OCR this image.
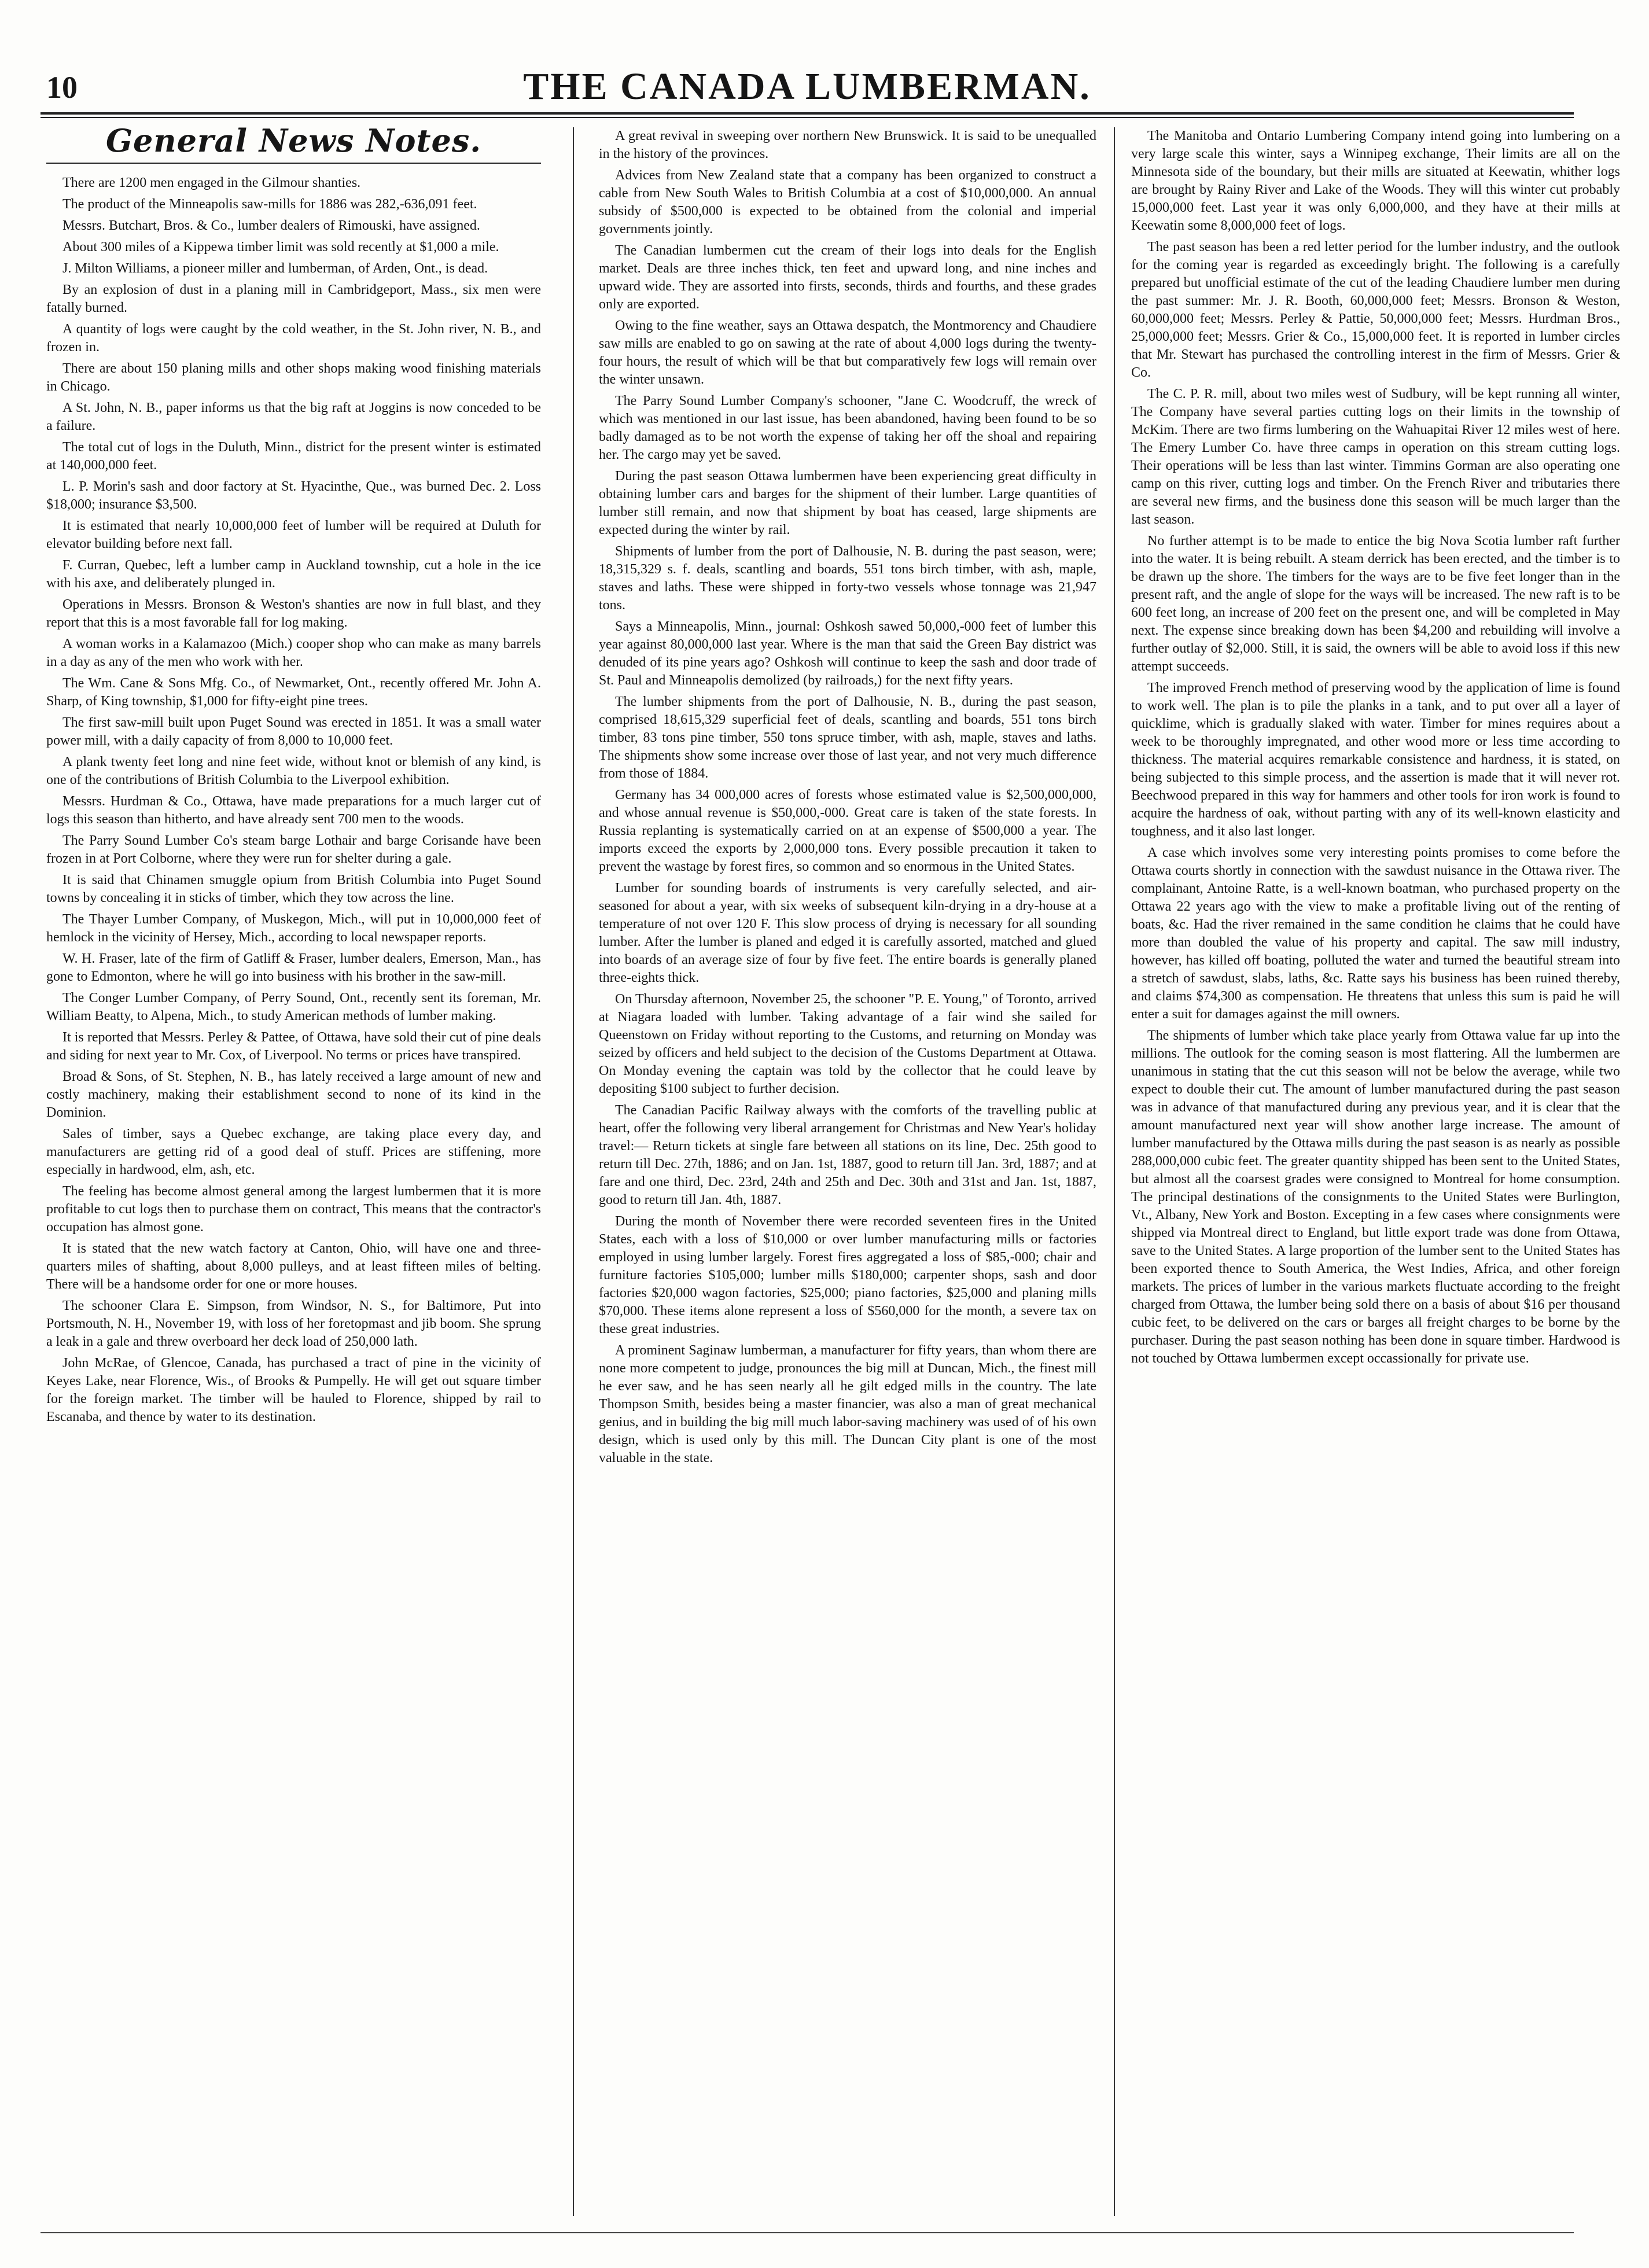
10	THE CANADA LUMBERMAN.
General News Notes.

There are 1200 men engaged in the Gilmour shanties.

The product of the Minneapolis saw-mills for 1886 was 282,-636,091 feet.

Messrs. Butchart, Bros. & Co., lumber dealers of Rimouski, have assigned.

About 300 miles of a Kippewa timber limit was sold recently at $1,000 a mile.

J. Milton Williams, a pioneer miller and lumberman, of Arden, Ont., is dead.

By an explosion of dust in a planing mill in Cambridgeport, Mass., six men were fatally burned.

A quantity of logs were caught by the cold weather, in the St. John river, N. B., and frozen in.

There are about 150 planing mills and other shops making wood finishing materials in Chicago.

A St. John, N. B., paper informs us that the big raft at Joggins is now conceded to be a failure.

The total cut of logs in the Duluth, Minn., district for the present winter is estimated at 140,000,000 feet.

L. P. Morin's sash and door factory at St. Hyacinthe, Que., was burned Dec. 2. Loss $18,000; insurance $3,500.

It is estimated that nearly 10,000,000 feet of lumber will be required at Duluth for elevator building before next fall.

F. Curran, Quebec, left a lumber camp in Auckland township, cut a hole in the ice with his axe, and deliberately plunged in.

Operations in Messrs. Bronson & Weston's shanties are now in full blast, and they report that this is a most favorable fall for log making.

A woman works in a Kalamazoo (Mich.) cooper shop who can make as many barrels in a day as any of the men who work with her.

The Wm. Cane & Sons Mfg. Co., of Newmarket, Ont., recently offered Mr. John A. Sharp, of King township, $1,000 for fifty-eight pine trees.

The first saw-mill built upon Puget Sound was erected in 1851. It was a small water power mill, with a daily capacity of from 8,000 to 10,000 feet.

A plank twenty feet long and nine feet wide, without knot or blemish of any kind, is one of the contributions of British Columbia to the Liverpool exhibition.

Messrs. Hurdman & Co., Ottawa, have made preparations for a much larger cut of logs this season than hitherto, and have already sent 700 men to the woods.

The Parry Sound Lumber Co's steam barge Lothair and barge Corisande have been frozen in at Port Colborne, where they were run for shelter during a gale.

It is said that Chinamen smuggle opium from British Columbia into Puget Sound towns by concealing it in sticks of timber, which they tow across the line.

The Thayer Lumber Company, of Muskegon, Mich., will put in 10,000,000 feet of hemlock in the vicinity of Hersey, Mich., according to local newspaper reports.

W. H. Fraser, late of the firm of Gatliff & Fraser, lumber dealers, Emerson, Man., has gone to Edmonton, where he will go into business with his brother in the saw-mill.

The Conger Lumber Company, of Perry Sound, Ont., recently sent its foreman, Mr. William Beatty, to Alpena, Mich., to study American methods of lumber making.

It is reported that Messrs. Perley & Pattee, of Ottawa, have sold their cut of pine deals and siding for next year to Mr. Cox, of Liverpool. No terms or prices have transpired.

Broad & Sons, of St. Stephen, N. B., has lately received a large amount of new and costly machinery, making their establishment second to none of its kind in the Dominion.

Sales of timber, says a Quebec exchange, are taking place every day, and manufacturers are getting rid of a good deal of stuff. Prices are stiffening, more especially in hardwood, elm, ash, etc.

The feeling has become almost general among the largest lumbermen that it is more profitable to cut logs then to purchase them on contract, This means that the contractor's occupation has almost gone.

It is stated that the new watch factory at Canton, Ohio, will have one and three-quarters miles of shafting, about 8,000 pulleys, and at least fifteen miles of belting. There will be a handsome order for one or more houses.

The schooner Clara E. Simpson, from Windsor, N. S., for Baltimore, Put into Portsmouth, N. H., November 19, with loss of her foretopmast and jib boom. She sprung a leak in a gale and threw overboard her deck load of 250,000 lath.

John McRae, of Glencoe, Canada, has purchased a tract of pine in the vicinity of Keyes Lake, near Florence, Wis., of Brooks & Pumpelly. He will get out square timber for the foreign market. The timber will be hauled to Florence, shipped by rail to Escanaba, and thence by water to its destination.

A great revival in sweeping over northern New Brunswick. It is said to be unequalled in the history of the provinces.

Advices from New Zealand state that a company has been organized to construct a cable from New South Wales to British Columbia at a cost of $10,000,000. An annual subsidy of $500,000 is expected to be obtained from the colonial and imperial governments jointly.

The Canadian lumbermen cut the cream of their logs into deals for the English market. Deals are three inches thick, ten feet and upward long, and nine inches and upward wide. They are assorted into firsts, seconds, thirds and fourths, and these grades only are exported.

Owing to the fine weather, says an Ottawa despatch, the Montmorency and Chaudiere saw mills are enabled to go on sawing at the rate of about 4,000 logs during the twenty-four hours, the result of which will be that but comparatively few logs will remain over the winter unsawn.

The Parry Sound Lumber Company's schooner, "Jane C. Woodcruff, the wreck of which was mentioned in our last issue, has been abandoned, having been found to be so badly damaged as to be not worth the expense of taking her off the shoal and repairing her. The cargo may yet be saved.

During the past season Ottawa lumbermen have been experiencing great difficulty in obtaining lumber cars and barges for the shipment of their lumber. Large quantities of lumber still remain, and now that shipment by boat has ceased, large shipments are expected during the winter by rail.

Shipments of lumber from the port of Dalhousie, N. B. during the past season, were; 18,315,329 s. f. deals, scantling and boards, 551 tons birch timber, with ash, maple, staves and laths. These were shipped in forty-two vessels whose tonnage was 21,947 tons.

Says a Minneapolis, Minn., journal: Oshkosh sawed 50,000,-000 feet of lumber this year against 80,000,000 last year. Where is the man that said the Green Bay district was denuded of its pine years ago? Oshkosh will continue to keep the sash and door trade of St. Paul and Minneapolis demolized (by railroads,) for the next fifty years.

The lumber shipments from the port of Dalhousie, N. B., during the past season, comprised 18,615,329 superficial feet of deals, scantling and boards, 551 tons birch timber, 83 tons pine timber, 550 tons spruce timber, with ash, maple, staves and laths. The shipments show some increase over those of last year, and not very much difference from those of 1884.

Germany has 34 000,000 acres of forests whose estimated value is $2,500,000,000, and whose annual revenue is $50,000,-000. Great care is taken of the state forests. In Russia replanting is systematically carried on at an expense of $500,000 a year. The imports exceed the exports by 2,000,000 tons. Every possible precaution it taken to prevent the wastage by forest fires, so common and so enormous in the United States.

Lumber for sounding boards of instruments is very carefully selected, and air-seasoned for about a year, with six weeks of subsequent kiln-drying in a dry-house at a temperature of not over 120 F. This slow process of drying is necessary for all sounding lumber. After the lumber is planed and edged it is carefully assorted, matched and glued into boards of an average size of four by five feet. The entire boards is generally planed three-eights thick.

On Thursday afternoon, November 25, the schooner "P. E. Young," of Toronto, arrived at Niagara loaded with lumber. Taking advantage of a fair wind she sailed for Queenstown on Friday without reporting to the Customs, and returning on Monday was seized by officers and held subject to the decision of the Customs Department at Ottawa. On Monday evening the captain was told by the collector that he could leave by depositing $100 subject to further decision.

The Canadian Pacific Railway always with the comforts of the travelling public at heart, offer the following very liberal arrangement for Christmas and New Year's holiday travel:— Return tickets at single fare between all stations on its line, Dec. 25th good to return till Dec. 27th, 1886; and on Jan. 1st, 1887, good to return till Jan. 3rd, 1887; and at fare and one third, Dec. 23rd, 24th and 25th and Dec. 30th and 31st and Jan. 1st, 1887, good to return till Jan. 4th, 1887.

During the month of November there were recorded seventeen fires in the United States, each with a loss of $10,000 or over lumber manufacturing mills or factories employed in using lumber largely. Forest fires aggregated a loss of $85,-000; chair and furniture factories $105,000; lumber mills $180,000; carpenter shops, sash and door factories $20,000 wagon factories, $25,000; piano factories, $25,000 and planing mills $70,000. These items alone represent a loss of $560,000 for the month, a severe tax on these great industries.

A prominent Saginaw lumberman, a manufacturer for fifty years, than whom there are none more competent to judge, pronounces the big mill at Duncan, Mich., the finest mill he ever saw, and he has seen nearly all he gilt edged mills in the country. The late Thompson Smith, besides being a master financier, was also a man of great mechanical genius, and in building the big mill much labor-saving machinery was used of of his own design, which is used only by this mill. The Duncan City plant is one of the most valuable in the state.

The Manitoba and Ontario Lumbering Company intend going into lumbering on a very large scale this winter, says a Winnipeg exchange, Their limits are all on the Minnesota side of the boundary, but their mills are situated at Keewatin, whither logs are brought by Rainy River and Lake of the Woods. They will this winter cut probably 15,000,000 feet. Last year it was only 6,000,000, and they have at their mills at Keewatin some 8,000,000 feet of logs.

The past season has been a red letter period for the lumber industry, and the outlook for the coming year is regarded as exceedingly bright. The following is a carefully prepared but unofficial estimate of the cut of the leading Chaudiere lumber men during the past summer: Mr. J. R. Booth, 60,000,000 feet; Messrs. Bronson & Weston, 60,000,000 feet; Messrs. Perley & Pattie, 50,000,000 feet; Messrs. Hurdman Bros., 25,000,000 feet; Messrs. Grier & Co., 15,000,000 feet. It is reported in lumber circles that Mr. Stewart has purchased the controlling interest in the firm of Messrs. Grier & Co.

The C. P. R. mill, about two miles west of Sudbury, will be kept running all winter, The Company have several parties cutting logs on their limits in the township of McKim. There are two firms lumbering on the Wahuapitai River 12 miles west of here. The Emery Lumber Co. have three camps in operation on this stream cutting logs. Their operations will be less than last winter. Timmins Gorman are also operating one camp on this river, cutting logs and timber. On the French River and tributaries there are several new firms, and the business done this season will be much larger than the last season.

No further attempt is to be made to entice the big Nova Scotia lumber raft further into the water. It is being rebuilt. A steam derrick has been erected, and the timber is to be drawn up the shore. The timbers for the ways are to be five feet longer than in the present raft, and the angle of slope for the ways will be increased. The new raft is to be 600 feet long, an increase of 200 feet on the present one, and will be completed in May next. The expense since breaking down has been $4,200 and rebuilding will involve a further outlay of $2,000. Still, it is said, the owners will be able to avoid loss if this new attempt succeeds.

The improved French method of preserving wood by the application of lime is found to work well. The plan is to pile the planks in a tank, and to put over all a layer of quicklime, which is gradually slaked with water. Timber for mines requires about a week to be thoroughly impregnated, and other wood more or less time according to thickness. The material acquires remarkable consistence and hardness, it is stated, on being subjected to this simple process, and the assertion is made that it will never rot. Beechwood prepared in this way for hammers and other tools for iron work is found to acquire the hardness of oak, without parting with any of its well-known elasticity and toughness, and it also last longer.

A case which involves some very interesting points promises to come before the Ottawa courts shortly in connection with the sawdust nuisance in the Ottawa river. The complainant, Antoine Ratte, is a well-known boatman, who purchased property on the Ottawa 22 years ago with the view to make a profitable living out of the renting of boats, &c. Had the river remained in the same condition he claims that he could have more than doubled the value of his property and capital. The saw mill industry, however, has killed off boating, polluted the water and turned the beautiful stream into a stretch of sawdust, slabs, laths, &c. Ratte says his business has been ruined thereby, and claims $74,300 as compensation. He threatens that unless this sum is paid he will enter a suit for damages against the mill owners.

The shipments of lumber which take place yearly from Ottawa value far up into the millions. The outlook for the coming season is most flattering. All the lumbermen are unanimous in stating that the cut this season will not be below the average, while two expect to double their cut. The amount of lumber manufactured during the past season was in advance of that manufactured during any previous year, and it is clear that the amount manufactured next year will show another large increase. The amount of lumber manufactured by the Ottawa mills during the past season is as nearly as possible 288,000,000 cubic feet. The greater quantity shipped has been sent to the United States, but almost all the coarsest grades were consigned to Montreal for home consumption. The principal destinations of the consignments to the United States were Burlington, Vt., Albany, New York and Boston. Excepting in a few cases where consignments were shipped via Montreal direct to England, but little export trade was done from Ottawa, save to the United States. A large proportion of the lumber sent to the United States has been exported thence to South America, the West Indies, Africa, and other foreign markets. The prices of lumber in the various markets fluctuate according to the freight charged from Ottawa, the lumber being sold there on a basis of about $16 per thousand cubic feet, to be delivered on the cars or barges all freight charges to be borne by the purchaser. During the past season nothing has been done in square timber. Hardwood is not touched by Ottawa lumbermen except occassionally for private use.
